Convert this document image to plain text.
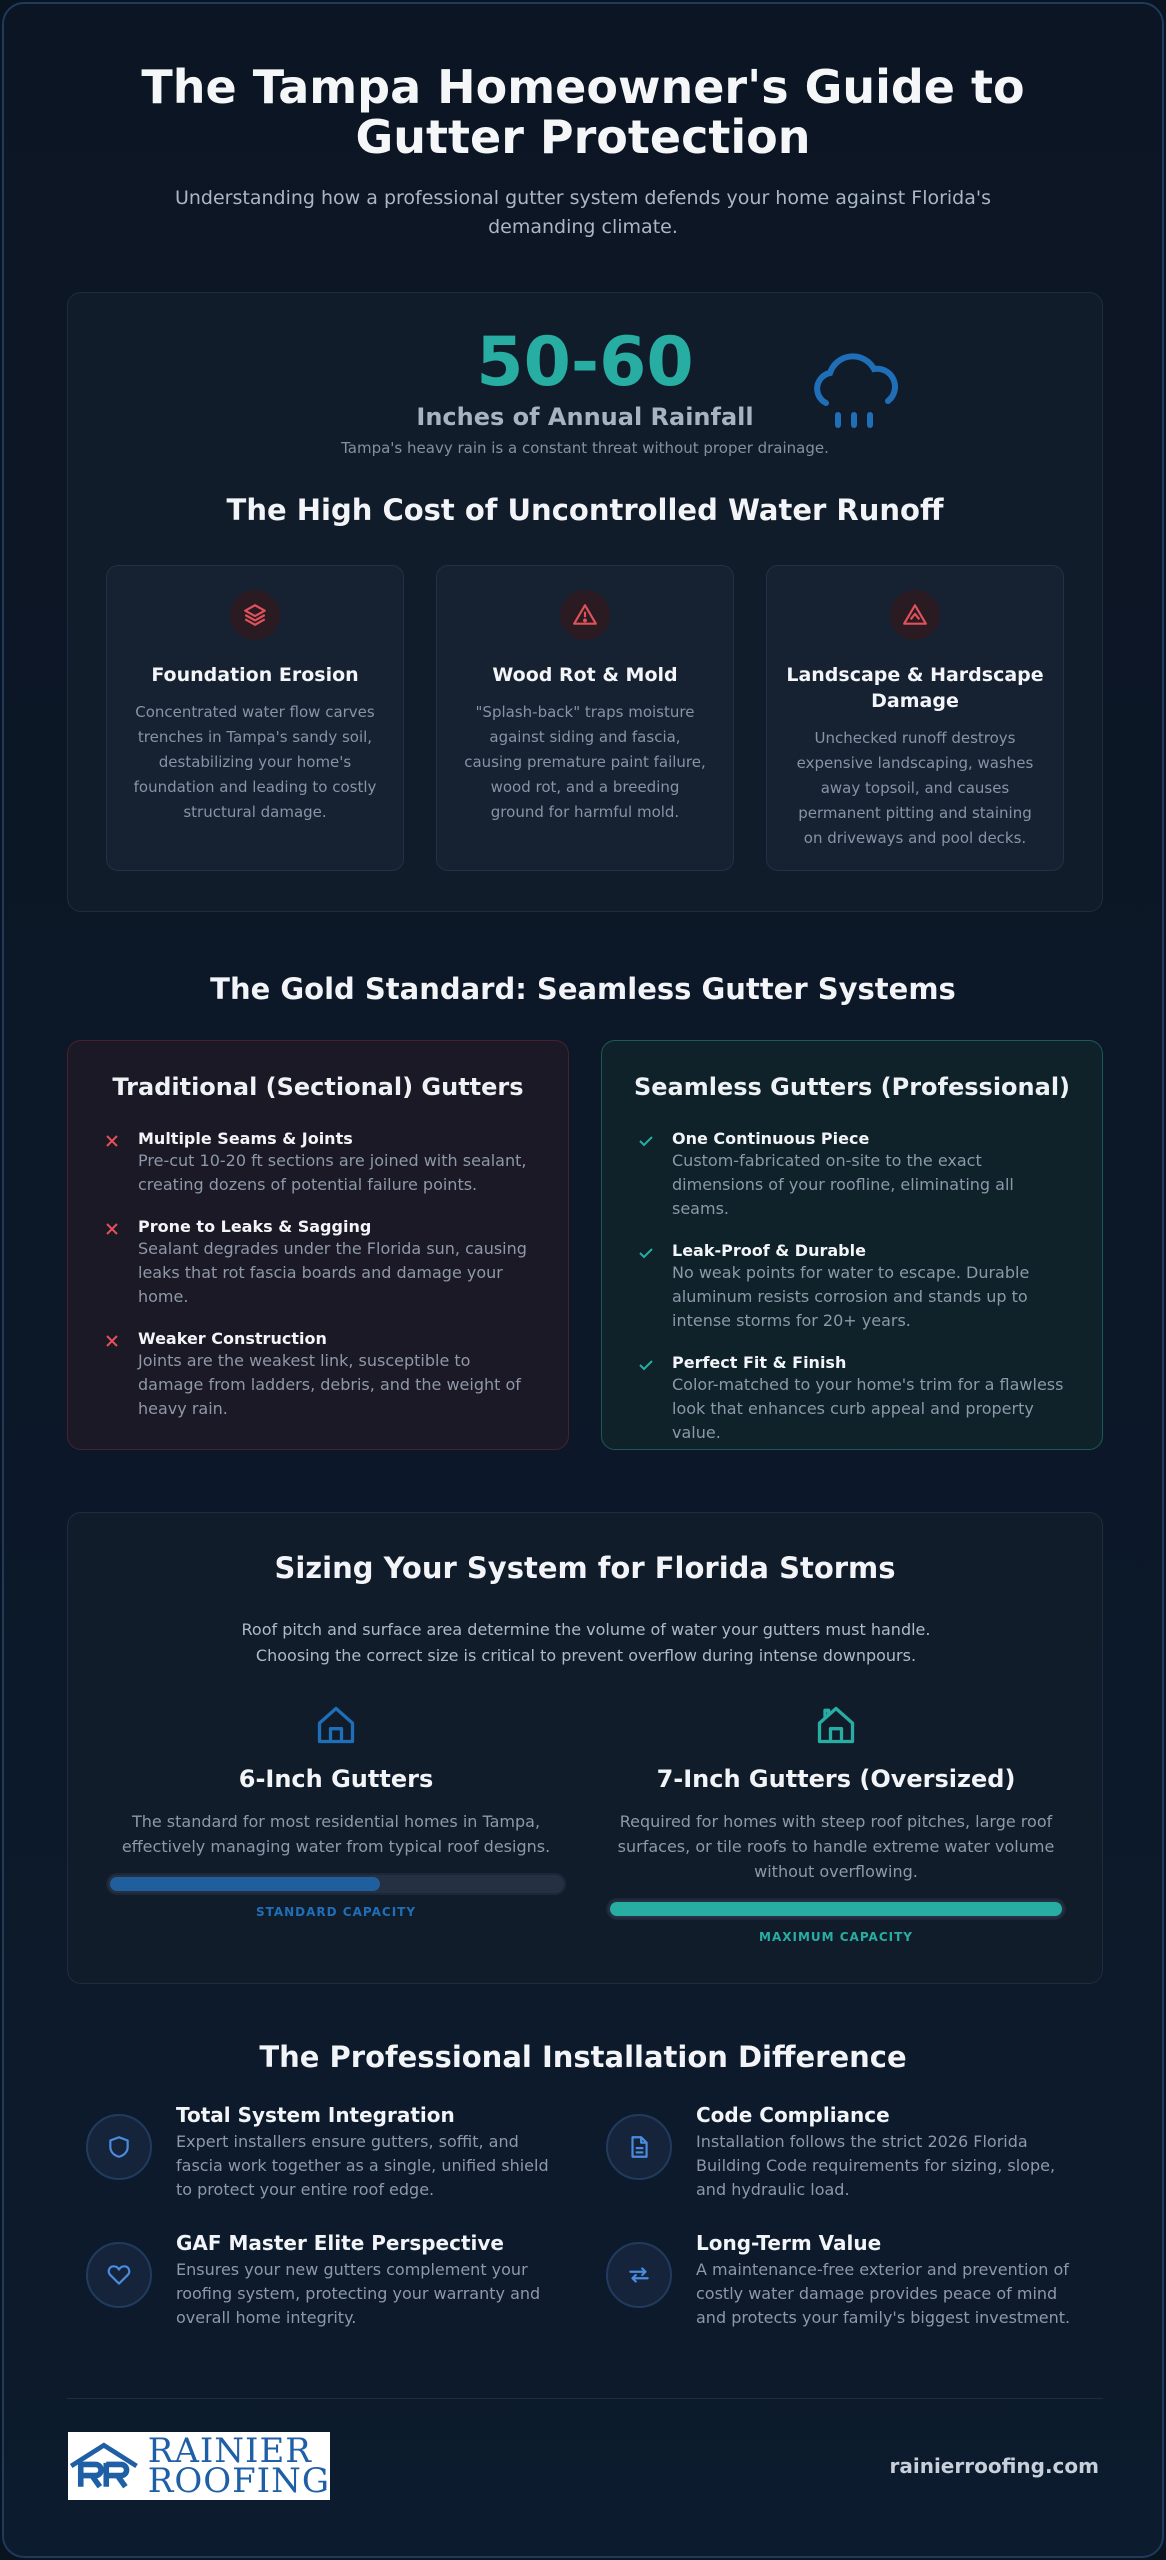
The Tampa Homeowner's Guide to Gutter Protection

Understanding how a professional gutter system defends your home against Florida's demanding climate.

50-60
Inches of Annual Rainfall
Tampa's heavy rain is a constant threat without proper drainage.
The High Cost of Uncontrolled Water Runoff
Foundation Erosion

Concentrated water flow carves trenches in Tampa's sandy soil, destabilizing your home's foundation and leading to costly structural damage.

Wood Rot & Mold

"Splash-back" traps moisture against siding and fascia, causing premature paint failure, wood rot, and a breeding ground for harmful mold.

Landscape & Hardscape Damage

Unchecked runoff destroys expensive landscaping, washes away topsoil, and causes permanent pitting and staining on driveways and pool decks.

The Gold Standard: Seamless Gutter Systems
Traditional (Sectional) Gutters
Multiple Seams & Joints
Pre-cut 10-20 ft sections are joined with sealant, creating dozens of potential failure points.
Prone to Leaks & Sagging
Sealant degrades under the Florida sun, causing leaks that rot fascia boards and damage your home.
Weaker Construction
Joints are the weakest link, susceptible to damage from ladders, debris, and the weight of heavy rain.
Seamless Gutters (Professional)
One Continuous Piece
Custom-fabricated on-site to the exact dimensions of your roofline, eliminating all seams.
Leak-Proof & Durable
No weak points for water to escape. Durable aluminum resists corrosion and stands up to intense storms for 20+ years.
Perfect Fit & Finish
Color-matched to your home's trim for a flawless look that enhances curb appeal and property value.
Sizing Your System for Florida Storms
Roof pitch and surface area determine the volume of water your gutters must handle. Choosing the correct size is critical to prevent overflow during intense downpours.
6-Inch Gutters

The standard for most residential homes in Tampa, effectively managing water from typical roof designs.

STANDARD CAPACITY
7-Inch Gutters (Oversized)

Required for homes with steep roof pitches, large roof surfaces, or tile roofs to handle extreme water volume without overflowing.

MAXIMUM CAPACITY
The Professional Installation Difference
Total System Integration
Expert installers ensure gutters, soffit, and fascia work together as a single, unified shield to protect your entire roof edge.
Code Compliance
Installation follows the strict 2026 Florida Building Code requirements for sizing, slope, and hydraulic load.
GAF Master Elite Perspective
Ensures your new gutters complement your roofing system, protecting your warranty and overall home integrity.
Long-Term Value
A maintenance-free exterior and prevention of costly water damage provides peace of mind and protects your family's biggest investment.
RAINIER
ROOFING	rainierroofing.com
